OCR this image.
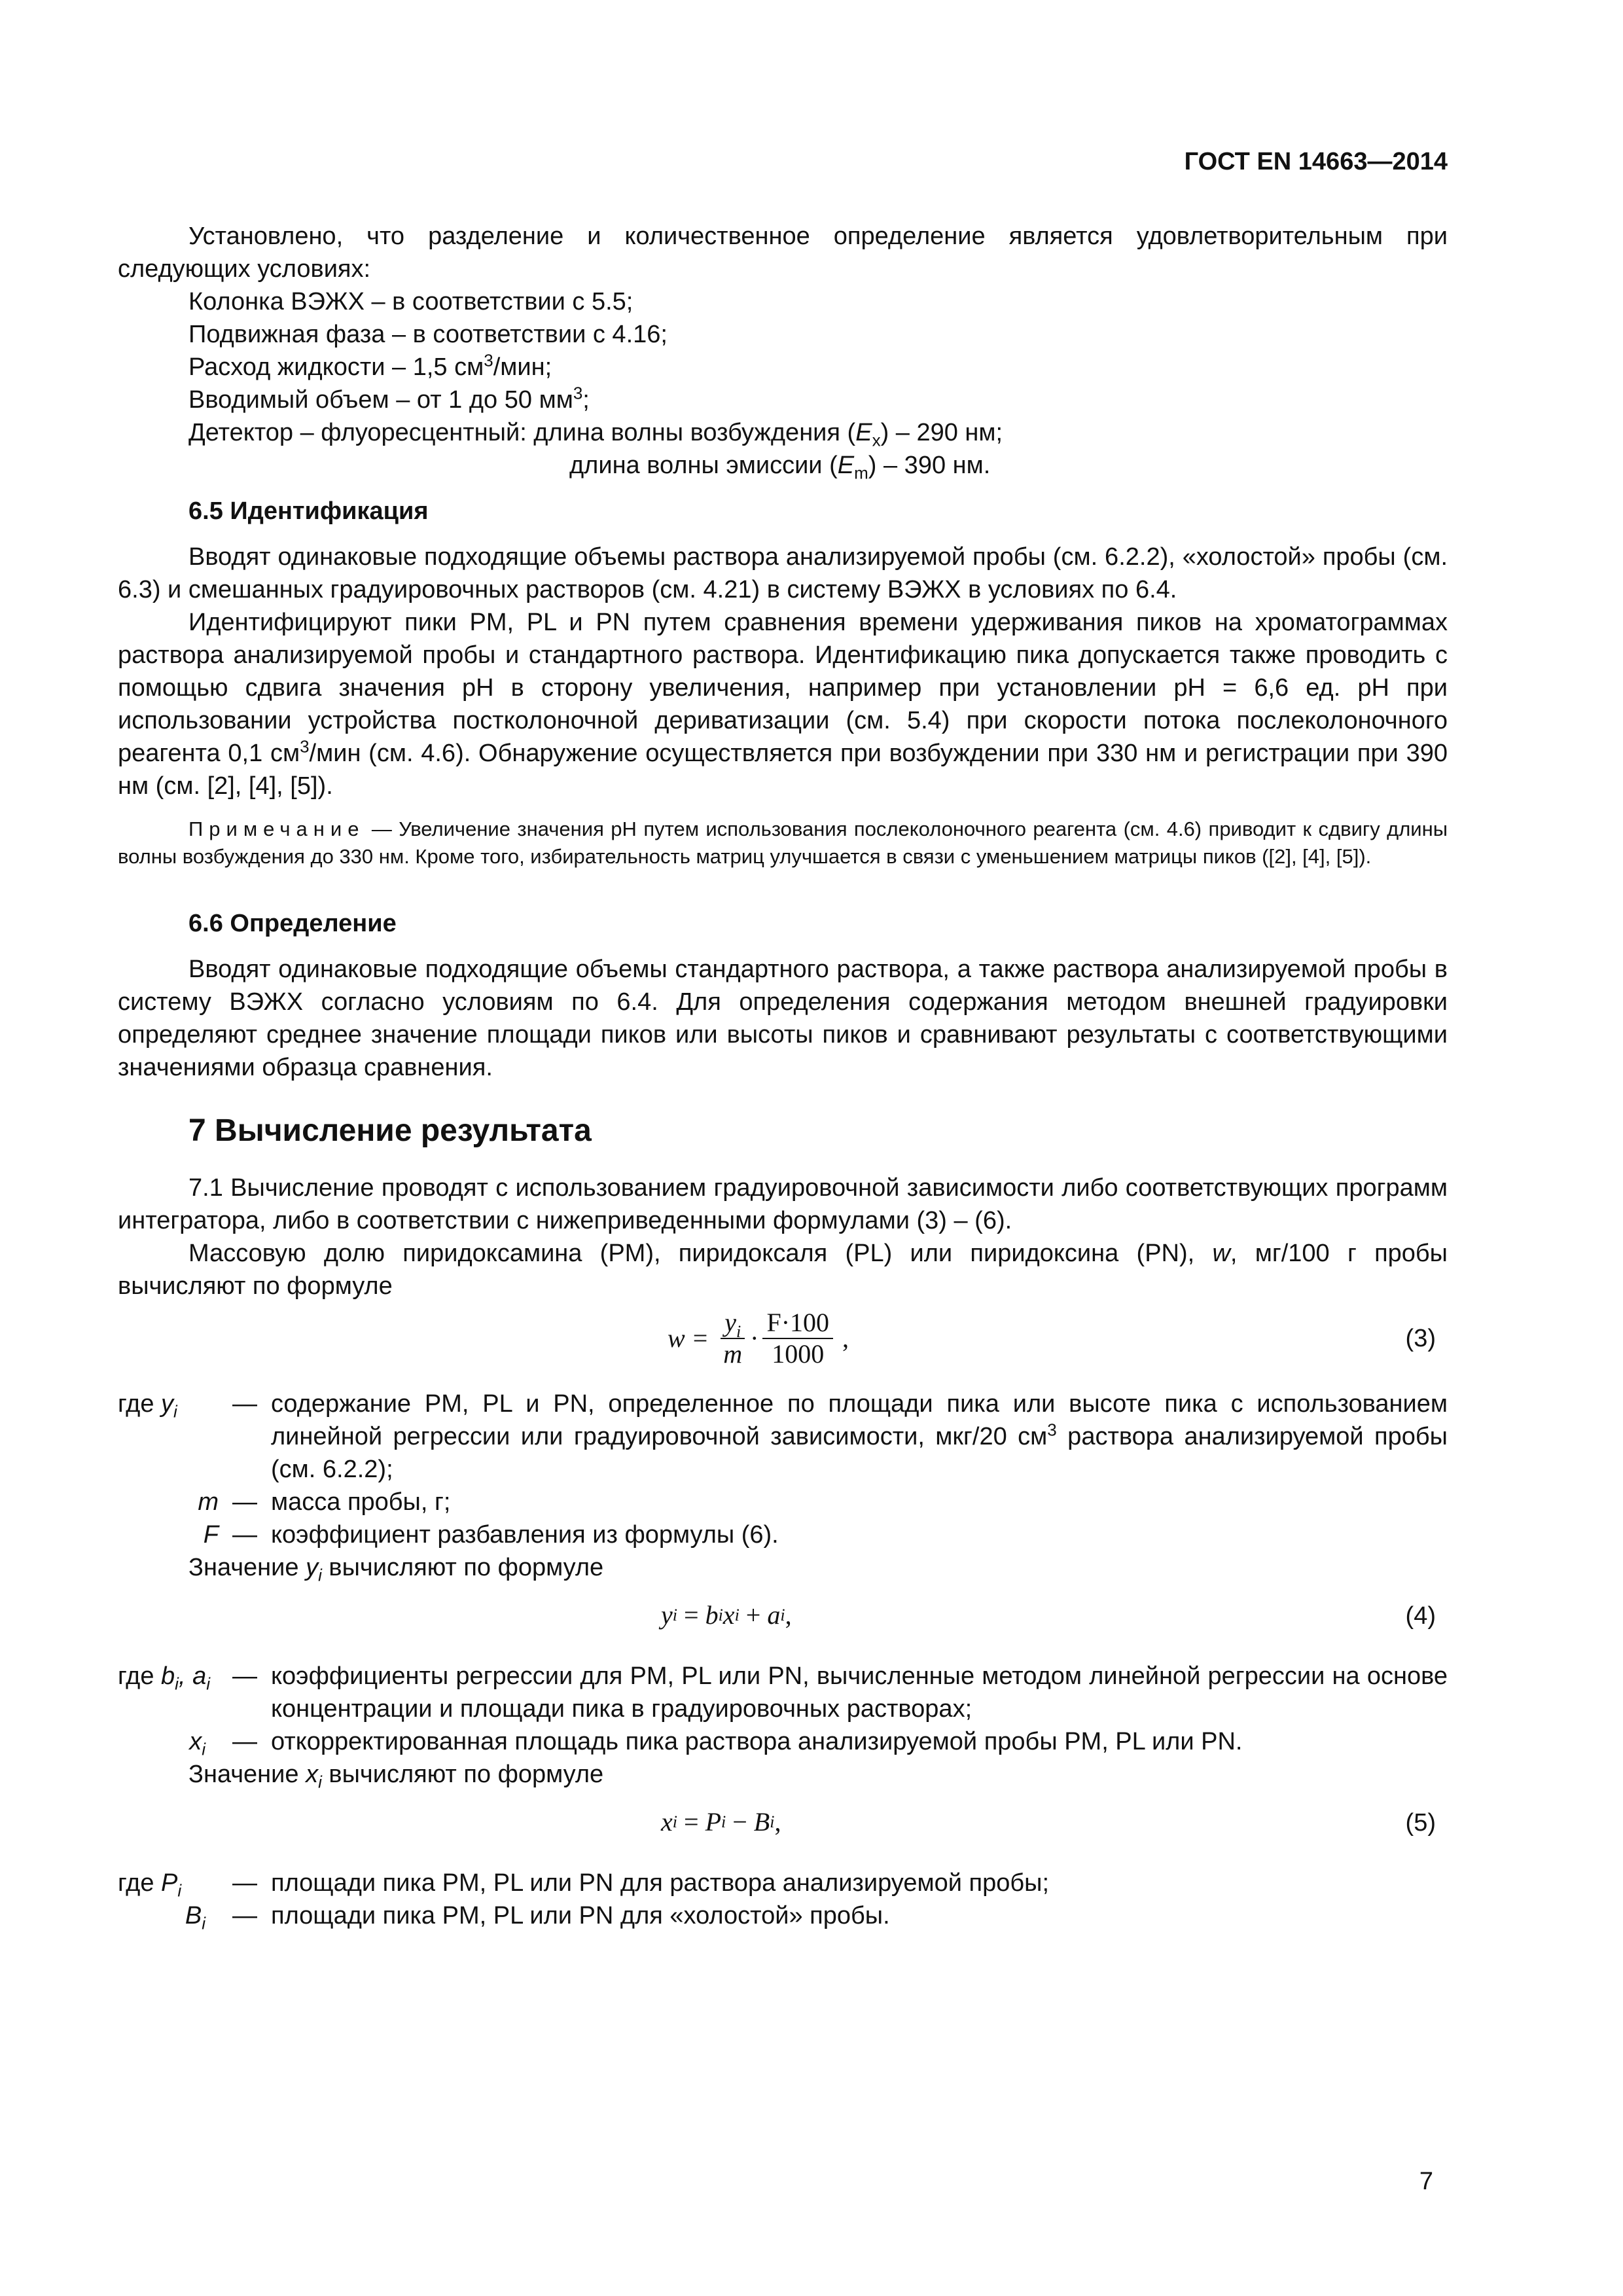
ГОСТ EN 14663—2014

Установлено, что разделение и количественное определение является удовлетворительным при следующих условиях:

Колонка ВЭЖХ – в соответствии с 5.5;

Подвижная фаза – в соответствии с 4.16;

Расход жидкости – 1,5 $см^3$/мин;

Вводимый объем – от 1 до 50 $мм^3$;

Детектор – флуоресцентный: длина волны возбуждения $(E_x) - 290$ нм;

длина волны эмиссии $(E_m) - 390$ нм.

6.5 Идентификация

Вводят одинаковые подходящие объемы раствора анализируемой пробы (см. 6.2.2), «холостой» пробы (см. 6.3) и смешанных градуировочных растворов (см. 4.21) в систему ВЭЖХ в условиях по 6.4.

Идентифицируют пики PM, PL и PN путем сравнения времени удерживания пиков на хроматограммах раствора анализируемой пробы и стандартного раствора. Идентификацию пика допускается также проводить с помощью сдвига значения pH в сторону увеличения, например при установлении pH = 6,6 ед. pH при использовании устройства постколоночной дериватизации (см. 5.4) при скорости потока послеколоночного реагента 0,1 $см^3$/мин (см. 4.6). Обнаружение осуществляется при возбуждении при 330 нм и регистрации при 390 нм (см. [2], [4], [5]).

Примечание — Увеличение значения pH путем использования послеколоночного реагента (см. 4.6) приводит к сдвигу длины волны возбуждения до 330 нм. Кроме того, избирательность матриц улучшается в связи с уменьшением матрицы пиков ([2], [4], [5]).

6.6 Определение

Вводят одинаковые подходящие объемы стандартного раствора, а также раствора анализируемой пробы в систему ВЭЖХ согласно условиям по 6.4. Для определения содержания методом внешней градуировки определяют среднее значение площади пиков или высоты пиков и сравнивают результаты с соответствующими значениями образца сравнения.

7 Вычисление результата

7.1 Вычисление проводят с использованием градуировочной зависимости либо соответствующих программ интегратора, либо в соответствии с нижеприведенными формулами (3) – (6).

Массовую долю пиридоксамина (PM), пиридоксаля (PL) или пиридоксина (PN), w, мг/100 г пробы вычисляют по формуле

$w = \frac{y_i}{m} \cdot \frac{F\cdot 100}{1000}$ ,	(3)
где $y_i$	— содержание PM, PL и PN, определенное по площади пика или высоте пика с использованием линейной регрессии или градуировочной зависимости, мкг/20 $см^3$ раствора анализируемой пробы (см. 6.2.2);
m — масса пробы, г;
F — коэффициент разбавления из формулы (6).

Значение $y_i$ вычисляют по формуле

y i = b i x i + a i ,	(4)
где $b_i$, $a_i$ — коэффициенты регрессии для PM, PL или PN, вычисленные методом линейной регрессии на основе концентрации и площади пика в градуировочных растворах;
$x_i$	— откорректированная площадь пика раствора анализируемой пробы PM, PL или PN.

Значение $x_i$ вычисляют по формуле

x i = P i − B i ,	(5)
где $P_i$	— площади пика PM, PL или PN для раствора анализируемой пробы;
$B_i$	— площади пика PM, PL или PN для «холостой» пробы.
7
